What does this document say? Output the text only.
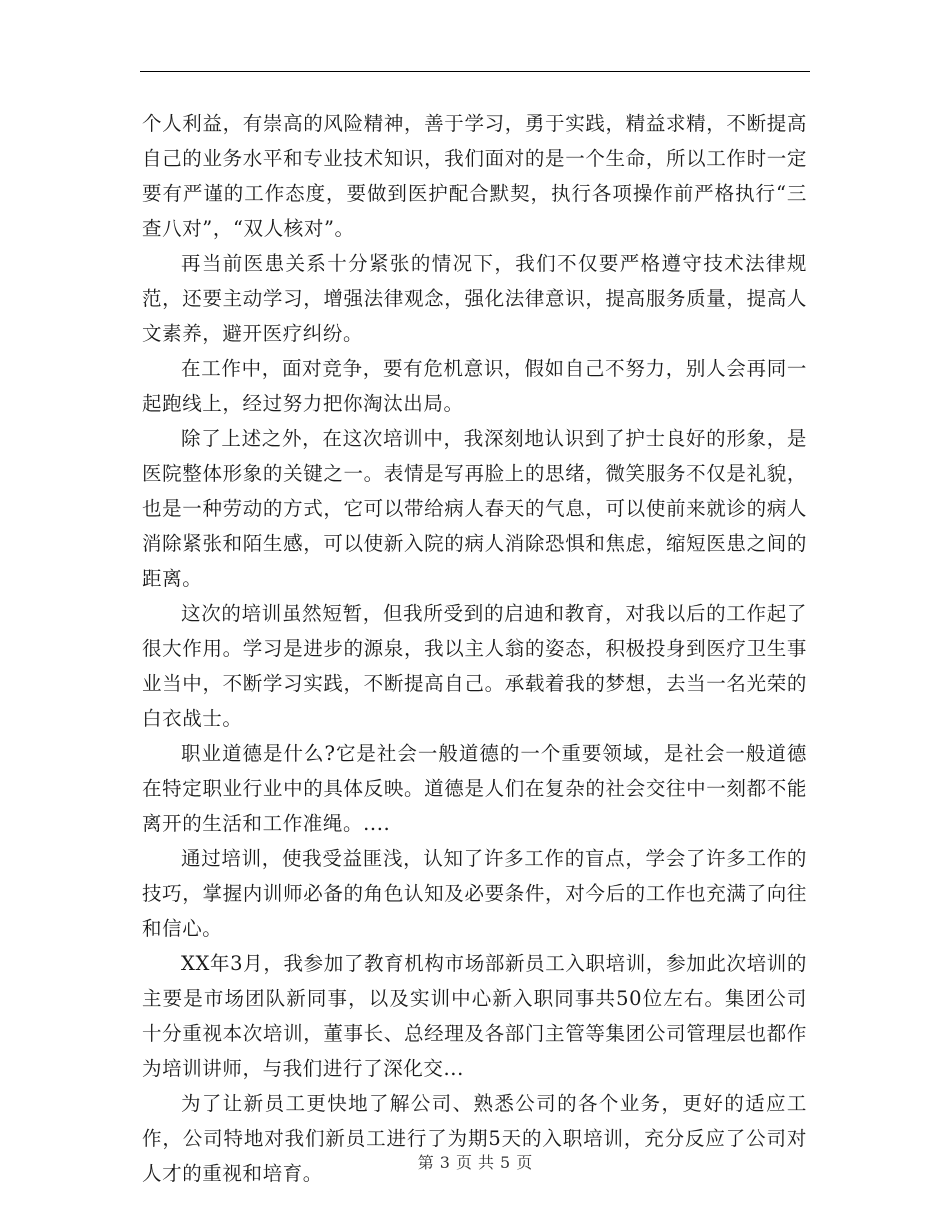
个人利益，有崇高的风险精神，善于学习，勇于实践，精益求精，不断提高自己的业务水平和专业技术知识，我们面对的是一个生命，所以工作时一定要有严谨的工作态度，要做到医护配合默契，执行各项操作前严格执行“三查八对”，“双人核对”。

再当前医患关系十分紧张的情况下，我们不仅要严格遵守技术法律规范，还要主动学习，增强法律观念，强化法律意识，提高服务质量，提高人文素养，避开医疗纠纷。

在工作中，面对竞争，要有危机意识，假如自己不努力，别人会再同一起跑线上，经过努力把你淘汰出局。

除了上述之外，在这次培训中，我深刻地认识到了护士良好的形象，是医院整体形象的关键之一。表情是写再脸上的思绪，微笑服务不仅是礼貌，也是一种劳动的方式，它可以带给病人春天的气息，可以使前来就诊的病人消除紧张和陌生感，可以使新入院的病人消除恐惧和焦虑，缩短医患之间的距离。

这次的培训虽然短暂，但我所受到的启迪和教育，对我以后的工作起了很大作用。学习是进步的源泉，我以主人翁的姿态，积极投身到医疗卫生事业当中，不断学习实践，不断提高自己。承载着我的梦想，去当一名光荣的白衣战士。

职业道德是什么?它是社会一般道德的一个重要领域，是社会一般道德在特定职业行业中的具体反映。道德是人们在复杂的社会交往中一刻都不能离开的生活和工作准绳。....

通过培训，使我受益匪浅，认知了许多工作的盲点，学会了许多工作的技巧，掌握内训师必备的角色认知及必要条件，对今后的工作也充满了向往和信心。

XX年3月，我参加了教育机构市场部新员工入职培训，参加此次培训的主要是市场团队新同事，以及实训中心新入职同事共50位左右。集团公司十分重视本次培训，董事长、总经理及各部门主管等集团公司管理层也都作为培训讲师，与我们进行了深化交...

为了让新员工更快地了解公司、熟悉公司的各个业务，更好的适应工作，公司特地对我们新员工进行了为期5天的入职培训，充分反应了公司对人才的重视和培育。	第 3 页 共 5 页
